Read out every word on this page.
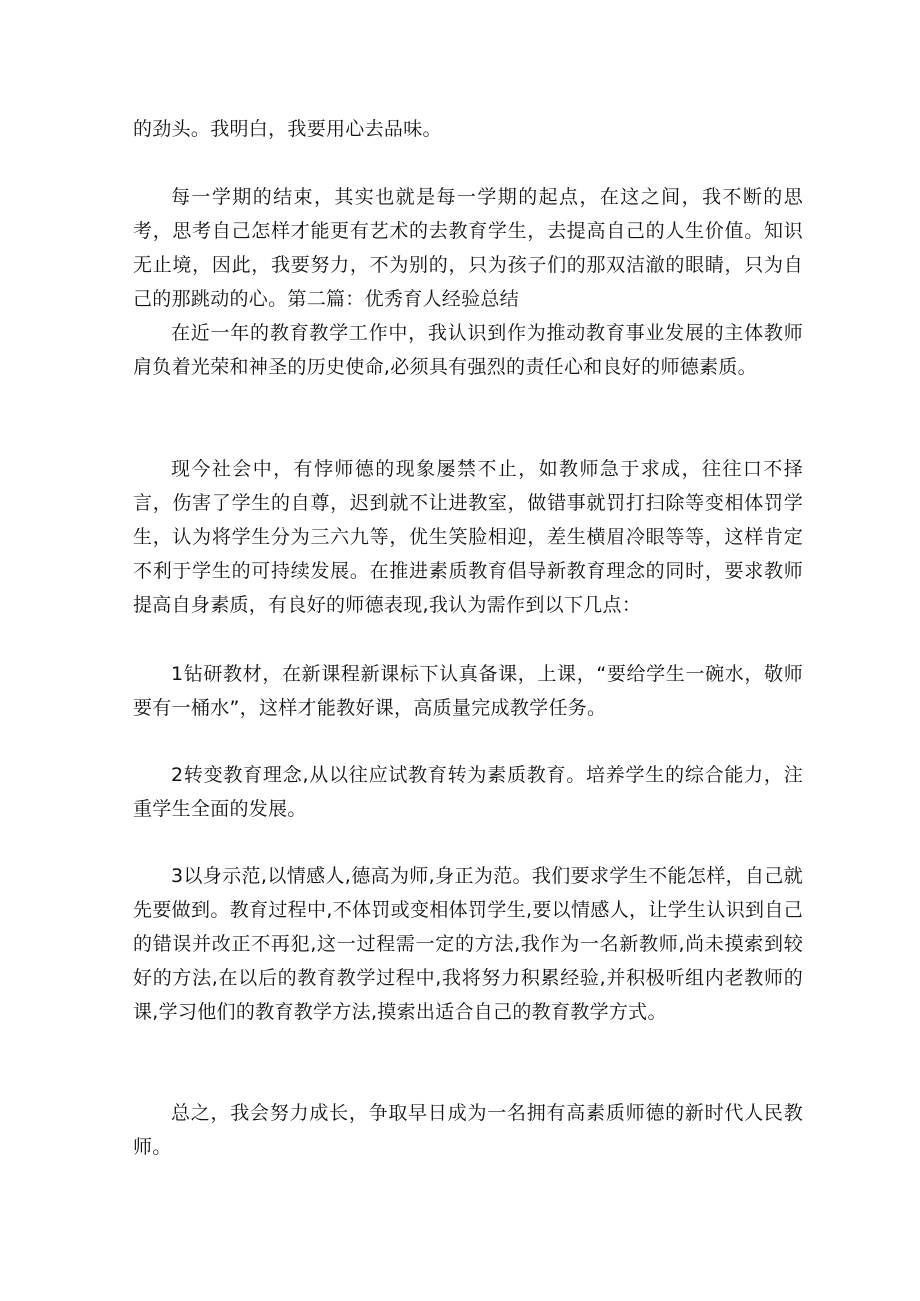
的劲头。我明白，我要用心去品味。

每一学期的结束，其实也就是每一学期的起点，在这之间，我不断的思考，思考自己怎样才能更有艺术的去教育学生，去提高自己的人生价值。知识无止境，因此，我要努力，不为别的，只为孩子们的那双洁澈的眼睛，只为自己的那跳动的心。第二篇：优秀育人经验总结

在近一年的教育教学工作中，我认识到作为推动教育事业发展的主体教师肩负着光荣和神圣的历史使命,必须具有强烈的责任心和良好的师德素质。

现今社会中，有悖师德的现象屡禁不止，如教师急于求成，往往口不择言，伤害了学生的自尊，迟到就不让进教室，做错事就罚打扫除等变相体罚学生，认为将学生分为三六九等，优生笑脸相迎，差生横眉冷眼等等，这样肯定不利于学生的可持续发展。在推进素质教育倡导新教育理念的同时，要求教师提高自身素质，有良好的师德表现,我认为需作到以下几点：

1钻研教材，在新课程新课标下认真备课，上课，“要给学生一碗水，敬师要有一桶水”，这样才能教好课，高质量完成教学任务。

2转变教育理念,从以往应试教育转为素质教育。培养学生的综合能力，注重学生全面的发展。

3以身示范,以情感人,德高为师,身正为范。我们要求学生不能怎样，自己就先要做到。教育过程中,不体罚或变相体罚学生,要以情感人，让学生认识到自己的错误并改正不再犯,这一过程需一定的方法,我作为一名新教师,尚未摸索到较好的方法,在以后的教育教学过程中,我将努力积累经验,并积极听组内老教师的课,学习他们的教育教学方法,摸索出适合自己的教育教学方式。

总之，我会努力成长，争取早日成为一名拥有高素质师德的新时代人民教师。
